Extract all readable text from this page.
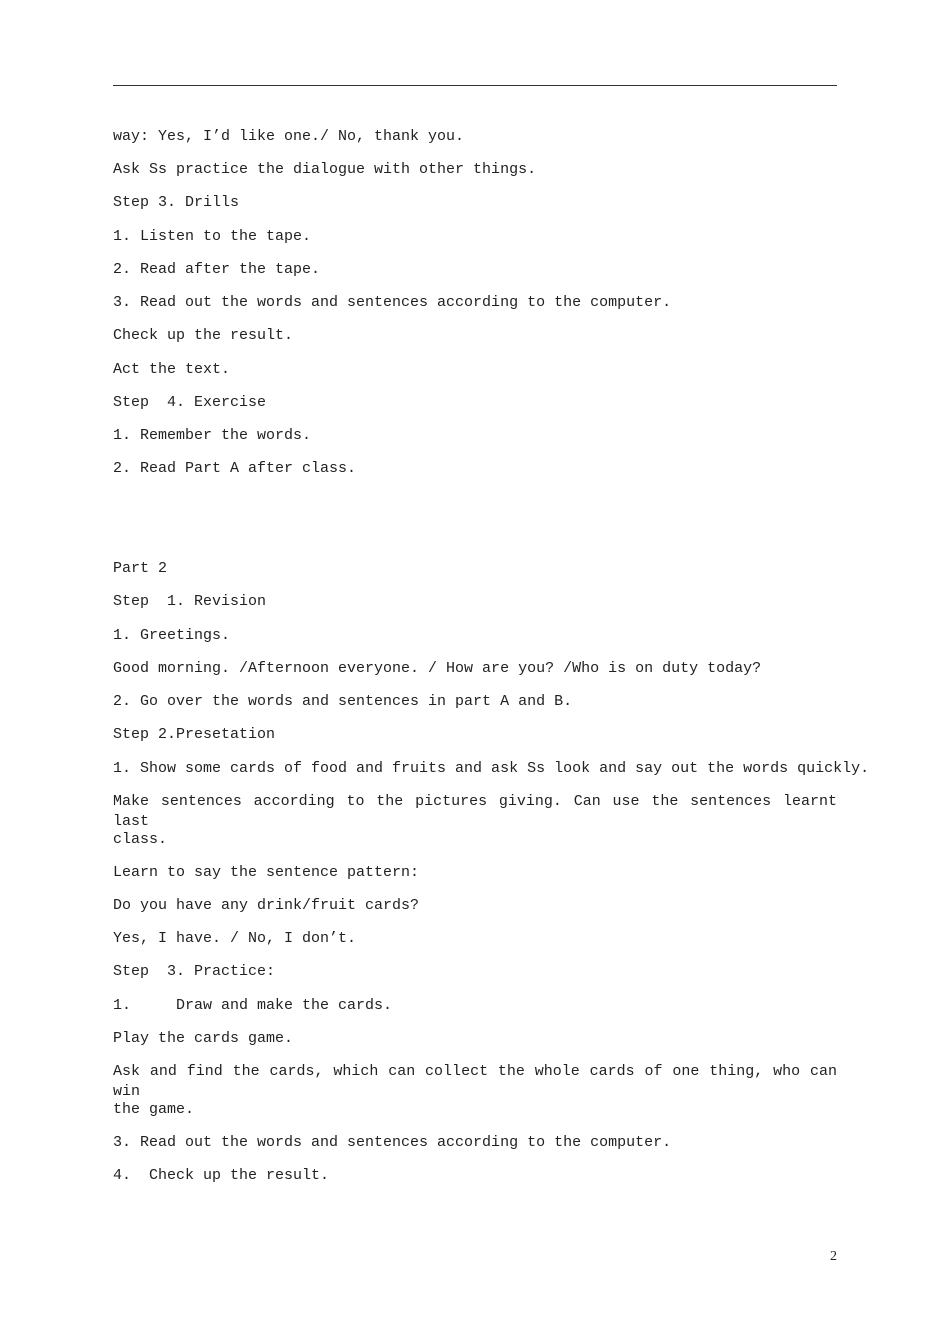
way: Yes, I’d like one./ No, thank you.
Ask Ss practice the dialogue with other things.
Step 3. Drills
1. Listen to the tape.
2. Read after the tape.
3. Read out the words and sentences according to the computer.
Check up the result.
Act the text.
Step  4. Exercise
1. Remember the words.
2. Read Part A after class.
Part 2
Step  1. Revision
1. Greetings.
Good morning. /Afternoon everyone. / How are you? /Who is on duty today?
2. Go over the words and sentences in part A and B.
Step 2.Presetation
1. Show some cards of food and fruits and ask Ss look and say out the words quickly.
Make sentences according to the pictures giving. Can use the sentences learnt last
class.
Learn to say the sentence pattern:
Do you have any drink/fruit cards?
Yes, I have. / No, I don’t.
Step  3. Practice:
1.     Draw and make the cards.
Play the cards game.
Ask and find the cards, which can collect the whole cards of one thing, who can win
the game.
3. Read out the words and sentences according to the computer.
4.  Check up the result.
2
